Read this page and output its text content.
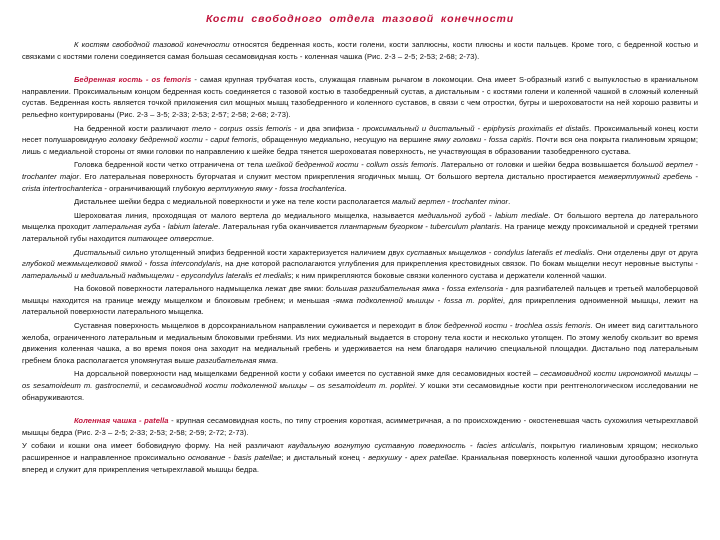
Кости свободного отдела тазовой конечности

К костям свободной тазовой конечности относятся бедренная кость, кости голени, кости заплюсны, кости плюсны и кости пальцев. Кроме того, с бедренной костью и связками с костями голени соединяется самая большая сесамовидная кость - коленная чашка (Рис. 2-3 – 2-5; 2-53; 2-68; 2-73).

Бедренная кость - os femoris - самая крупная трубчатая кость, служащая главным рычагом в локомоции. Она имеет S-образный изгиб с выпуклостью в краниальном направлении. Проксимальным концом бедренная кость соединяется с тазовой костью в тазобедренный сустав, а дистальным - с костями голени и коленной чашкой в сложный коленный сустав. Бедренная кость является точкой приложения сил мощных мышц тазобедренного и коленного суставов, в связи с чем отростки, бугры и шероховатости на ней хорошо развиты и рельефно контурированы (Рис. 2-3 – 3-5; 2-33; 2-53; 2-57; 2-58; 2-68; 2-73).

На бедренной кости различают тело - corpus ossis femoris - и два эпифиза - проксимальный и дистальный - epiphysis proximalis et distalis. Проксимальный конец кости несет полушаровидную головку бедренной кости - caput femoris, обращенную медиально, несущую на вершине ямку головки - fossa capitis. Почти вся она покрыта гиалиновым хрящом; лишь с медиальной стороны от ямки головки по направлению к шейке бедра тянется шероховатая поверхность, не участвующая в образовании тазобедренного сустава.

Головка бедренной кости четко отграничена от тела шейкой бедренной кости - collum ossis femoris. Латерально от головки и шейки бедра возвышается большой вертел - trochanter major. Его латеральная поверхность бугорчатая и служит местом прикрепления ягодичных мышц. От большого вертела дистально простирается межвертлужный гребень - crista intertrochanterica - ограничивающий глубокую вертлужную ямку - fossa trochanterica.

Дистальнее шейки бедра с медиальной поверхности и уже на теле кости располагается малый вертел - trochanter minor.

Шероховатая линия, проходящая от малого вертела до медиального мыщелка, называется медиальной губой - labium mediale. От большого вертела до латерального мыщелка проходит латеральная губа - labium laterale. Латеральная губа оканчивается плантарным бугорком - tuberculum plantaris. На границе между проксимальной и средней третями латеральной губы находится питающее отверстие.

Дистальный сильно утолщенный эпифиз бедренной кости характеризуется наличием двух суставных мыщелков - condylus lateralis et medialis. Они отделены друг от друга глубокой межмыщелковой ямкой - fossa intercondylaris, на дне которой располагаются углубления для прикрепления крестовидных связок. По бокам мыщелки несут неровные выступы - латеральный и медиальный надмыщелки - epycondylus lateralis et medialis; к ним прикрепляются боковые связки коленного сустава и держатели коленной чашки.

На боковой поверхности латерального надмыщелка лежат две ямки: большая разгибательная ямка - fossa extensoria - для разгибателей пальцев и третьей малоберцовой мышцы находится на границе между мыщелком и блоковым гребнем; и меньшая -ямка подколенной мышцы - fossa m. poplitei, для прикрепления одноименной мышцы, лежит на латеральной поверхности латерального мыщелка.

Суставная поверхность мыщелков в дорсокраниальном направлении суживается и переходит в блок бедренной кости - trochlea ossis femoris. Он имеет вид сагиттального желоба, ограниченного латеральным и медиальным блоковыми гребнями. Из них медиальный выдается в сторону тела кости и несколько утолщен. По этому желобу скользит во время движения коленная чашка, а во время покоя она заходит на медиальный гребень и удерживается на нем благодаря наличию специальной площадки. Дистально под латеральным гребнем блока располагается упомянутая выше разгибательная ямка.

На дорсальной поверхности над мыщелками бедренной кости у собаки имеется по суставной ямке для сесамовидных костей – сесамовидной кости икроножной мышцы – os sesamoideum m. gastrocnemii, и сесамовидной кости подколенной мышцы – os sesamoideum m. poplitei. У кошки эти сесамовидные кости при рентгенологическом исследовании не обнаруживаются.

Коленная чашка - patella - крупная сесамовидная кость, по типу строения короткая, асимметричная, а по происхождению - окостеневшая часть сухожилия четырехглавой мышцы бедра (Рис. 2-3 – 2-5; 2-33; 2-53; 2-58; 2-59; 2-72; 2-73).

У собаки и кошки она имеет бобовидную форму. На ней различают каудальную вогнутую суставную поверхность - facies articularis, покрытую гиалиновым хрящом; несколько расширенное и направленное проксимально основание - basis patellae; и дистальный конец - верхушку - apex patellae. Краниальная поверхность коленной чашки дугообразно изогнута вперед и служит для прикрепления четырехглавой мышцы бедра.
